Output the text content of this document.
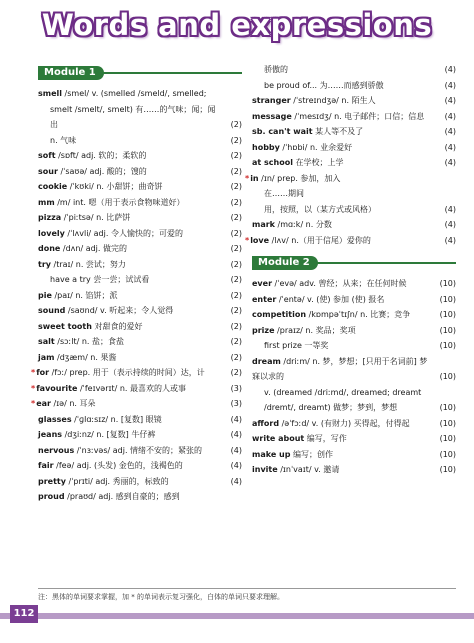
Words and expressions
Module 1
smell /smel/ v. (smelled /smeld/, smelled;
smelt /smelt/, smelt) 有……的气味；闻；闻出	(2)
n. 气味	(2)
soft /sɒft/ adj. 软的；柔软的	(2)
sour /ˈsaʊə/ adj. 酸的；馊的	(2)
cookie /ˈkʊki/ n. 小甜饼；曲奇饼	(2)
mm /m/ int. 嗯（用于表示食物味道好）	(2)
pizza /ˈpiːtsə/ n. 比萨饼	(2)
lovely /ˈlʌvli/ adj. 令人愉快的；可爱的	(2)
done /dʌn/ adj. 做完的	(2)
try /traɪ/ n. 尝试；努力	(2)
have a try 尝一尝；试试看	(2)
pie /paɪ/ n. 馅饼；派	(2)
sound /saʊnd/ v. 听起来；令人觉得	(2)
sweet tooth 对甜食的爱好	(2)
salt /sɔːlt/ n. 盐；食盐	(2)
jam /dʒæm/ n. 果酱	(2)
*for /fɔː/ prep. 用于（表示持续的时间）达，计	(2)
*favourite /ˈfeɪvərɪt/ n. 最喜欢的人或事	(3)
*ear /ɪə/ n. 耳朵	(3)
glasses /ˈɡlɑːsɪz/ n. [复数] 眼镜	(4)
jeans /dʒiːnz/ n. [复数] 牛仔裤	(4)
nervous /ˈnɜːvəs/ adj. 情绪不安的；紧张的	(4)
fair /feə/ adj. (头发) 金色的，浅褐色的	(4)
pretty /ˈprɪti/ adj. 秀丽的，标致的	(4)
proud /praʊd/ adj. 感到自豪的；感到
骄傲的	(4)
be proud of... 为……而感到骄傲	(4)
stranger /ˈstreɪndʒə/ n. 陌生人	(4)
message /ˈmesɪdʒ/ n. 电子邮件；口信；信息	(4)
sb. can't wait 某人等不及了	(4)
hobby /ˈhɒbi/ n. 业余爱好	(4)
at school 在学校；上学	(4)
*in /ɪn/ prep. 参加，加入
在……期间
用，按照，以（某方式或风格）	(4)
mark /mɑːk/ n. 分数	(4)
*love /lʌv/ n.（用于信尾）爱你的	(4)
Module 2
ever /ˈevə/ adv. 曾经；从来；在任何时候	(10)
enter /ˈentə/ v. (使) 参加 (使) 报名	(10)
competition /kɒmpəˈtɪʃn/ n. 比赛；竞争	(10)
prize /praɪz/ n. 奖品；奖项	(10)
first prize 一等奖	(10)
dream /driːm/ n. 梦，梦想；[只用于名词前] 梦寐以求的	(10)
v. (dreamed /driːmd/, dreamed; dreamt /dremt/, dreamt) 做梦；梦到，梦想	(10)
afford /əˈfɔːd/ v. (有财力) 买得起，付得起	(10)
write about 编写，写作	(10)
make up 编写；创作	(10)
invite /ɪnˈvaɪt/ v. 邀请	(10)
注：黑体的单词要求掌握，加 * 的单词表示复习强化，白体的单词只要求理解。
112
